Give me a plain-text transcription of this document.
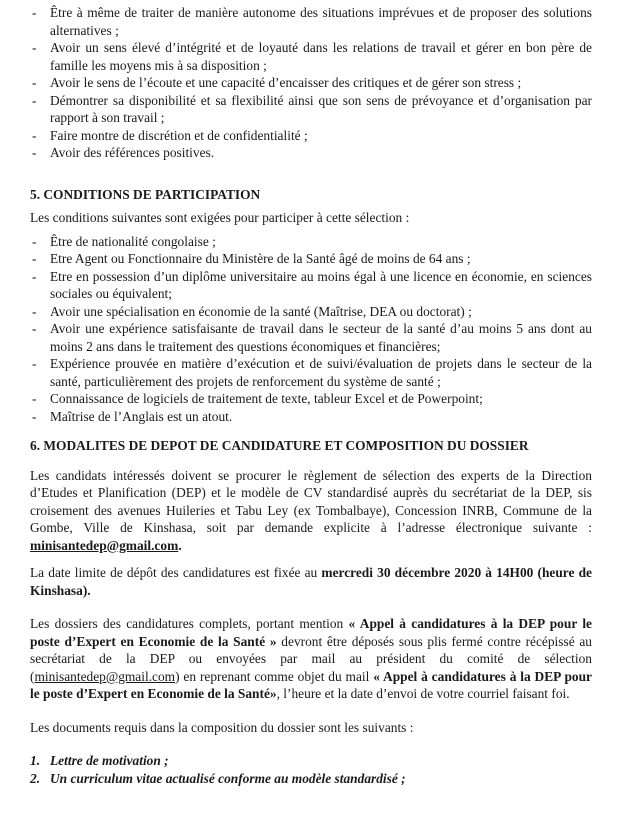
- Être à même de traiter de manière autonome des situations imprévues et de proposer des solutions alternatives ;
- Avoir un sens élevé d’intégrité et de loyauté dans les relations de travail et gérer en bon père de famille les moyens mis à sa disposition ;
- Avoir le sens de l’écoute et une capacité d’encaisser des critiques et de gérer son stress ;
- Démontrer sa disponibilité et sa flexibilité ainsi que son sens de prévoyance et d’organisation par rapport à son travail ;
- Faire montre de discrétion et de confidentialité ;
- Avoir des références positives.
5. CONDITIONS DE PARTICIPATION

Les conditions suivantes sont exigées pour participer à cette sélection :

- Être de nationalité congolaise ;
- Etre Agent ou Fonctionnaire du Ministère de la Santé âgé de moins de 64 ans ;
- Etre en possession d’un diplôme universitaire au moins égal à une licence en économie, en sciences sociales ou équivalent;
- Avoir une spécialisation en économie de la santé (Maîtrise, DEA ou doctorat) ;
- Avoir une expérience satisfaisante de travail dans le secteur de la santé d’au moins 5 ans dont au moins 2 ans dans le traitement des questions économiques et financières;
- Expérience prouvée en matière d’exécution et de suivi/évaluation de projets dans le secteur de la santé, particulièrement des projets de renforcement du système de santé ;
- Connaissance de logiciels de traitement de texte, tableur Excel et de Powerpoint;
- Maîtrise de l’Anglais est un atout.
6. MODALITES DE DEPOT DE CANDIDATURE ET COMPOSITION DU DOSSIER

Les candidats intéressés doivent se procurer le règlement de sélection des experts de la Direction d’Etudes et Planification (DEP) et le modèle de CV standardisé auprès du secrétariat de la DEP, sis croisement des avenues Huileries et Tabu Ley (ex Tombalbaye), Concession INRB, Commune de la Gombe, Ville de Kinshasa, soit par demande explicite à l’adresse électronique suivante : minisantedep@gmail.com.

La date limite de dépôt des candidatures est fixée au mercredi 30 décembre 2020 à 14H00 (heure de Kinshasa).

Les dossiers des candidatures complets, portant mention « Appel à candidatures à la DEP pour le poste d’Expert en Economie de la Santé » devront être déposés sous plis fermé contre récépissé au secrétariat de la DEP ou envoyées par mail au président du comité de sélection (minisantedep@gmail.com) en reprenant comme objet du mail « Appel à candidatures à la DEP pour le poste d’Expert en Economie de la Santé», l’heure et la date d’envoi de votre courriel faisant foi.

Les documents requis dans la composition du dossier sont les suivants :

1. Lettre de motivation ;
2. Un curriculum vitae actualisé conforme au modèle standardisé ;
